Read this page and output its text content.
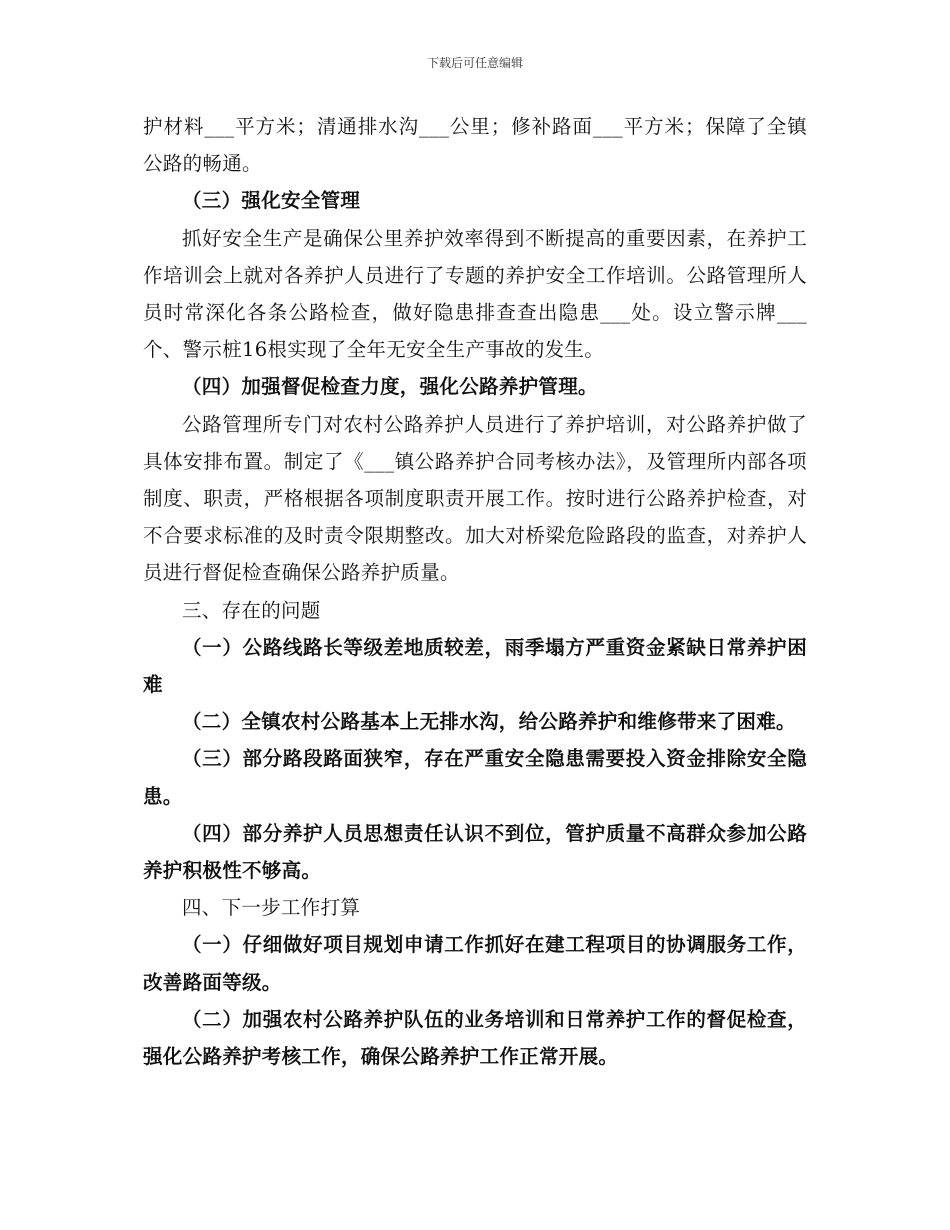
下载后可任意编辑

护材料___平方米；清通排水沟___公里；修补路面___平方米；保障了全镇公路的畅通。

（三）强化安全管理

抓好安全生产是确保公里养护效率得到不断提高的重要因素，在养护工作培训会上就对各养护人员进行了专题的养护安全工作培训。公路管理所人员时常深化各条公路检查，做好隐患排查查出隐患___处。设立警示牌___个、警示桩16根实现了全年无安全生产事故的发生。

（四）加强督促检查力度，强化公路养护管理。

公路管理所专门对农村公路养护人员进行了养护培训，对公路养护做了具体安排布置。制定了《___镇公路养护合同考核办法》，及管理所内部各项制度、职责，严格根据各项制度职责开展工作。按时进行公路养护检查，对不合要求标准的及时责令限期整改。加大对桥梁危险路段的监查，对养护人员进行督促检查确保公路养护质量。

三、存在的问题

（一）公路线路长等级差地质较差，雨季塌方严重资金紧缺日常养护困难

（二）全镇农村公路基本上无排水沟，给公路养护和维修带来了困难。

（三）部分路段路面狭窄，存在严重安全隐患需要投入资金排除安全隐患。

（四）部分养护人员思想责任认识不到位，管护质量不高群众参加公路养护积极性不够高。

四、下一步工作打算

（一）仔细做好项目规划申请工作抓好在建工程项目的协调服务工作，改善路面等级。

（二）加强农村公路养护队伍的业务培训和日常养护工作的督促检查，强化公路养护考核工作，确保公路养护工作正常开展。
